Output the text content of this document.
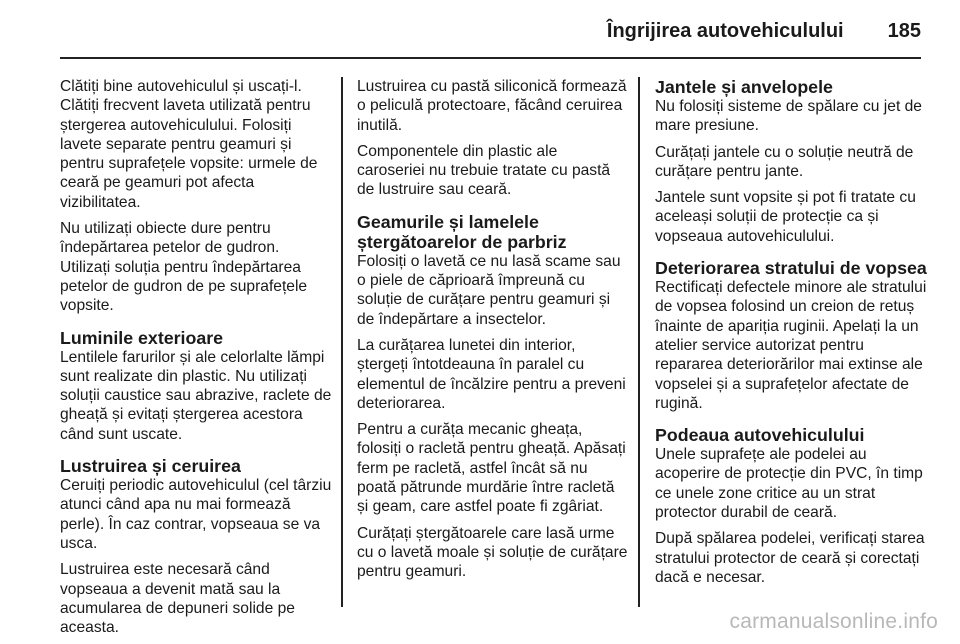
Îngrijirea autovehiculului 185

Clătiți bine autovehiculul și uscați-l. Clătiți frecvent laveta utilizată pentru ștergerea autovehiculului. Folosiți lavete separate pentru geamuri și pentru suprafețele vopsite: urmele de ceară pe geamuri pot afecta vizibilitatea.

Nu utilizați obiecte dure pentru îndepărtarea petelor de gudron. Utilizați soluția pentru îndepărtarea petelor de gudron de pe suprafețele vopsite.

Luminile exterioare

Lentilele farurilor și ale celorlalte lămpi sunt realizate din plastic. Nu utilizați soluții caustice sau abrazive, raclete de gheață și evitați ștergerea acestora când sunt uscate.

Lustruirea și ceruirea

Ceruiți periodic autovehiculul (cel târziu atunci când apa nu mai formează perle). În caz contrar, vopseaua se va usca.

Lustruirea este necesară când vopseaua a devenit mată sau la acumularea de depuneri solide pe aceasta.

Lustruirea cu pastă siliconică formează o peliculă protectoare, făcând ceruirea inutilă.

Componentele din plastic ale caroseriei nu trebuie tratate cu pastă de lustruire sau ceară.

Geamurile și lamelele ștergătoarelor de parbriz

Folosiți o lavetă ce nu lasă scame sau o piele de căprioară împreună cu soluție de curățare pentru geamuri și de îndepărtare a insectelor.

La curățarea lunetei din interior, ștergeți întotdeauna în paralel cu elementul de încălzire pentru a preveni deteriorarea.

Pentru a curăța mecanic gheața, folosiți o racletă pentru gheață. Apăsați ferm pe racletă, astfel încât să nu poată pătrunde murdărie între racletă și geam, care astfel poate fi zgâriat.

Curățați ștergătoarele care lasă urme cu o lavetă moale și soluție de curățare pentru geamuri.

Jantele și anvelopele

Nu folosiți sisteme de spălare cu jet de mare presiune.

Curățați jantele cu o soluție neutră de curățare pentru jante.

Jantele sunt vopsite și pot fi tratate cu aceleași soluții de protecție ca și vopseaua autovehiculului.

Deteriorarea stratului de vopsea

Rectificați defectele minore ale stratului de vopsea folosind un creion de retuș înainte de apariția ruginii. Apelați la un atelier service autorizat pentru repararea deteriorărilor mai extinse ale vopselei și a suprafețelor afectate de rugină.

Podeaua autovehiculului

Unele suprafețe ale podelei au acoperire de protecție din PVC, în timp ce unele zone critice au un strat protector durabil de ceară.

După spălarea podelei, verificați starea stratului protector de ceară și corectați dacă e necesar.

carmanualsonline.info
